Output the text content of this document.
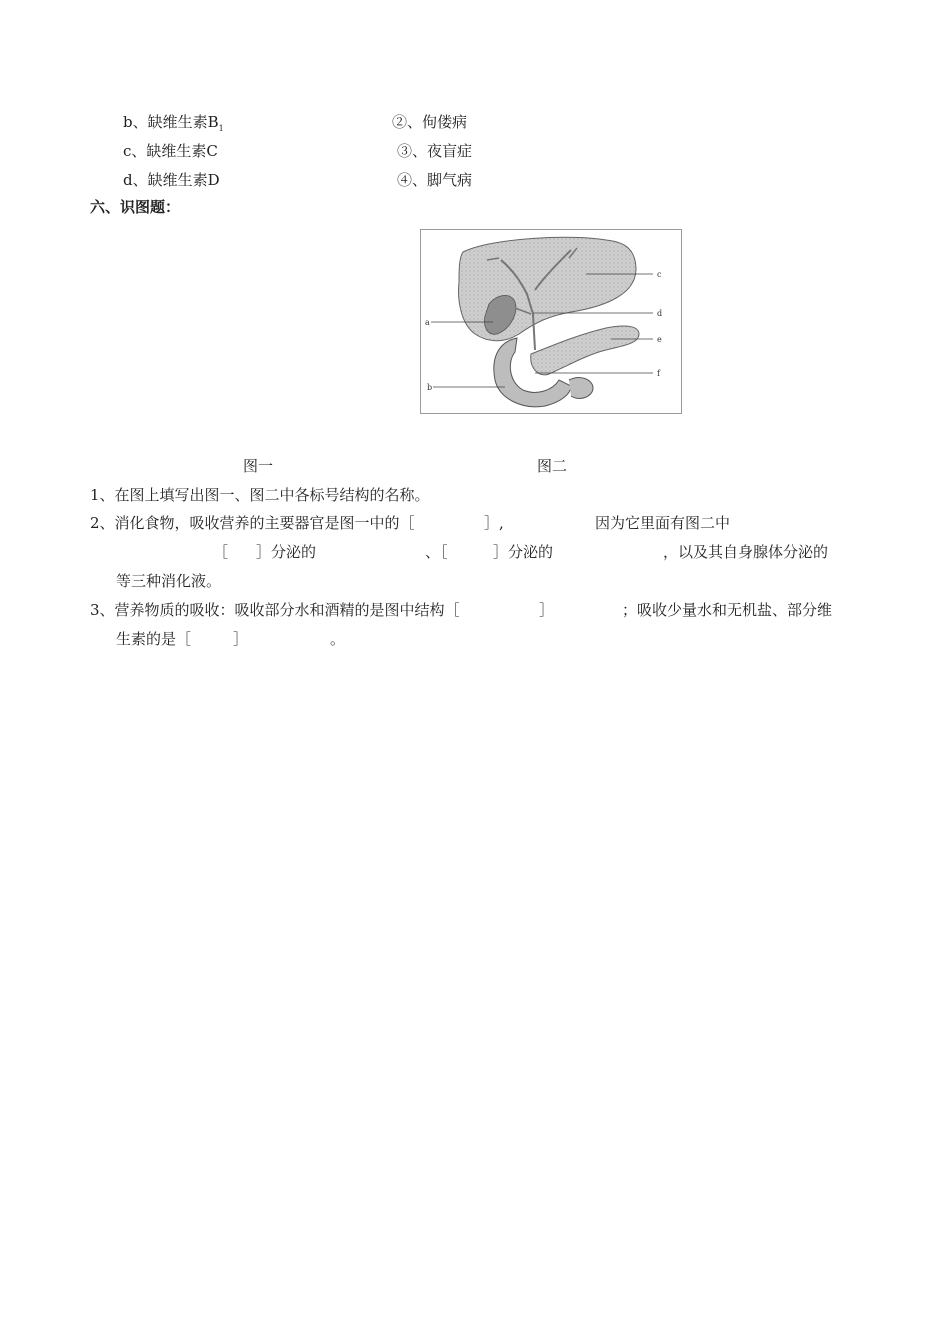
b、缺维生素$B_1$	②、佝偻病
c、缺维生素C	③、夜盲症
d、缺维生素D	④、脚气病
六、识图题：
a
b
c
d
e
f
图一	图二
1、在图上填写出图一、图二中各标号结构的名称。
2、消化食物，吸收营养的主要器官是图一中的［	］,	因为它里面有图二中
［ ］分泌的	、［	］分泌的	，以及其自身腺体分泌的
等三种消化液。
3、营养物质的吸收：吸收部分水和酒精的是图中结构［	］	；吸收少量水和无机盐、部分维
生素的是［	］	。
